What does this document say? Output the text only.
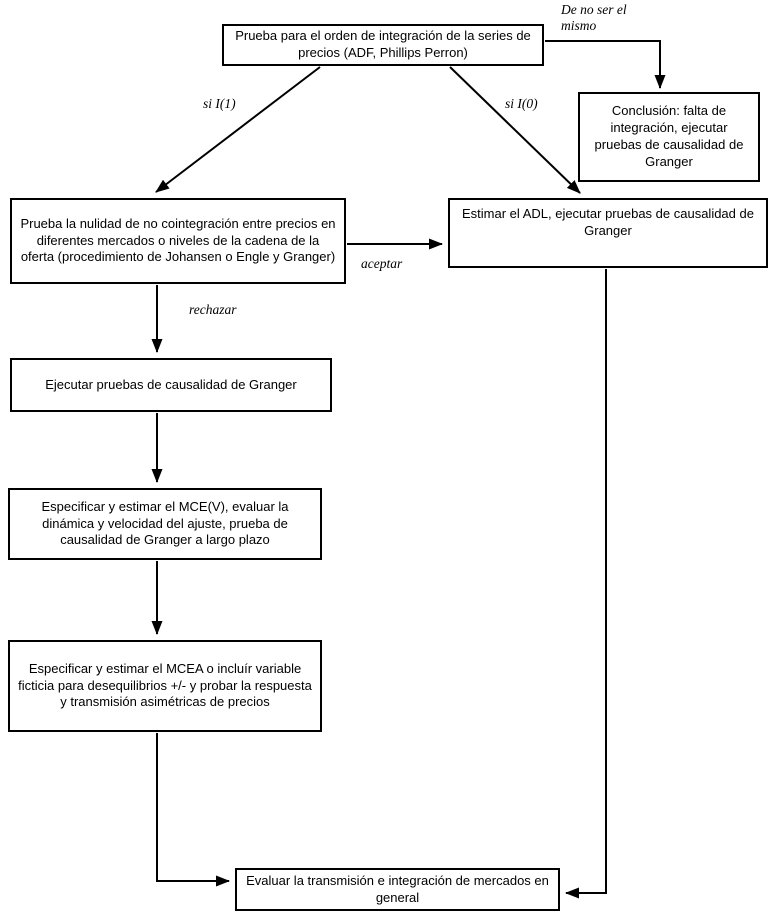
Prueba para el orden de integración de la series de precios (ADF, Phillips Perron)
Conclusión: falta de integración, ejecutar pruebas de causalidad de Granger
Prueba la nulidad de no cointegración entre precios en diferentes mercados o niveles de la cadena de la oferta (procedimiento de Johansen o Engle y Granger)
Estimar el ADL, ejecutar pruebas de causalidad de Granger
Ejecutar pruebas de causalidad de Granger
Especificar y estimar el MCE(V), evaluar la dinámica y velocidad del ajuste, prueba de causalidad de Granger a largo plazo
Especificar y estimar el MCEA o incluír variable ficticia para desequilibrios +/- y probar la respuesta y transmisión asimétricas de precios
Evaluar la transmisión e integración de mercados en general
De no ser el mismo
si I(1)	si I(0)
aceptar
rechazar
